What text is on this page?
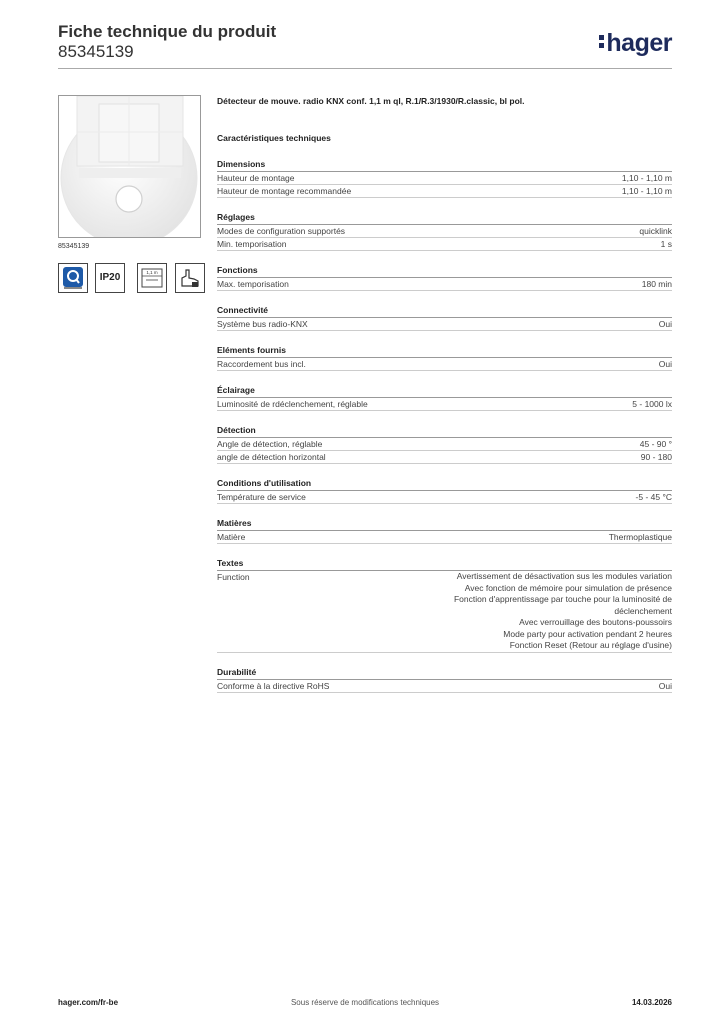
Fiche technique du produit
85345139	hager
85345139
IP20	1,1 m
Détecteur de mouve. radio KNX conf. 1,1 m ql, R.1/R.3/1930/R.classic, bl pol.
Caractéristiques techniques
Dimensions
Hauteur de montage	1,10 - 1,10 m
Hauteur de montage recommandée	1,10 - 1,10 m
Réglages
Modes de configuration supportés	quicklink
Min. temporisation	1 s
Fonctions
Max. temporisation	180 min
Connectivité
Système bus radio-KNX	Oui
Eléments fournis
Raccordement bus incl.	Oui
Éclairage
Luminosité de rdéclenchement, réglable	5 - 1000 lx
Détection
Angle de détection, réglable	45 - 90 °
angle de détection horizontal	90 - 180
Conditions d'utilisation
Température de service	-5 - 45 °C
Matières
Matière	Thermoplastique
Textes
Function	Avertissement de désactivation sus les modules variation
Avec fonction de mémoire pour simulation de présence
Fonction d'apprentissage par touche pour la luminosité de
déclenchement
Avec verrouillage des boutons-poussoirs
Mode party pour activation pendant 2 heures
Fonction Reset (Retour au réglage d'usine)
Durabilité
Conforme à la directive RoHS	Oui
hager.com/fr-be	Sous réserve de modifications techniques	14.03.2026
